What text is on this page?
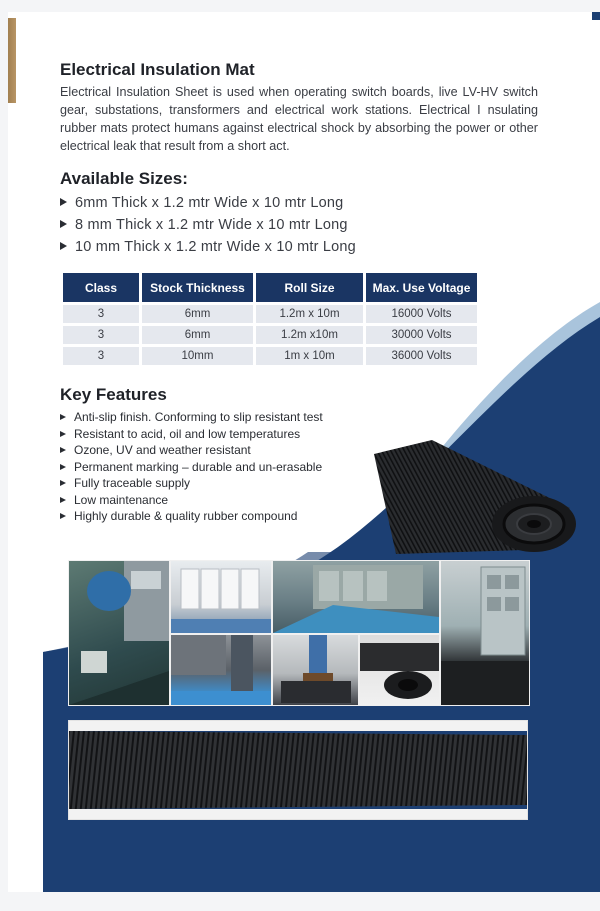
Electrical Insulation Mat

Electrical Insulation Sheet is used when operating switch boards, live LV-HV switch gear, substations, transformers and electrical work stations. Electrical I nsulating rubber mats protect humans against electrical shock by absorbing the power or other electrical leak that result from a short act.

Available Sizes:
6mm Thick x 1.2 mtr Wide x 10 mtr Long
8 mm Thick x 1.2 mtr Wide x 10 mtr Long
10 mm Thick x 1.2 mtr Wide x 10 mtr Long
Class	Stock Thickness	Roll Size	Max. Use Voltage
3	6mm	1.2m x 10m	16000 Volts
3	6mm	1.2m x10m	30000 Volts
3	10mm	1m x 10m	36000 Volts
Key Features
Anti-slip finish. Conforming to slip resistant test
Resistant to acid, oil and low temperatures
Ozone, UV and weather resistant
Permanent marking – durable and un-erasable
Fully traceable supply
Low maintenance
Highly durable & quality rubber compound
